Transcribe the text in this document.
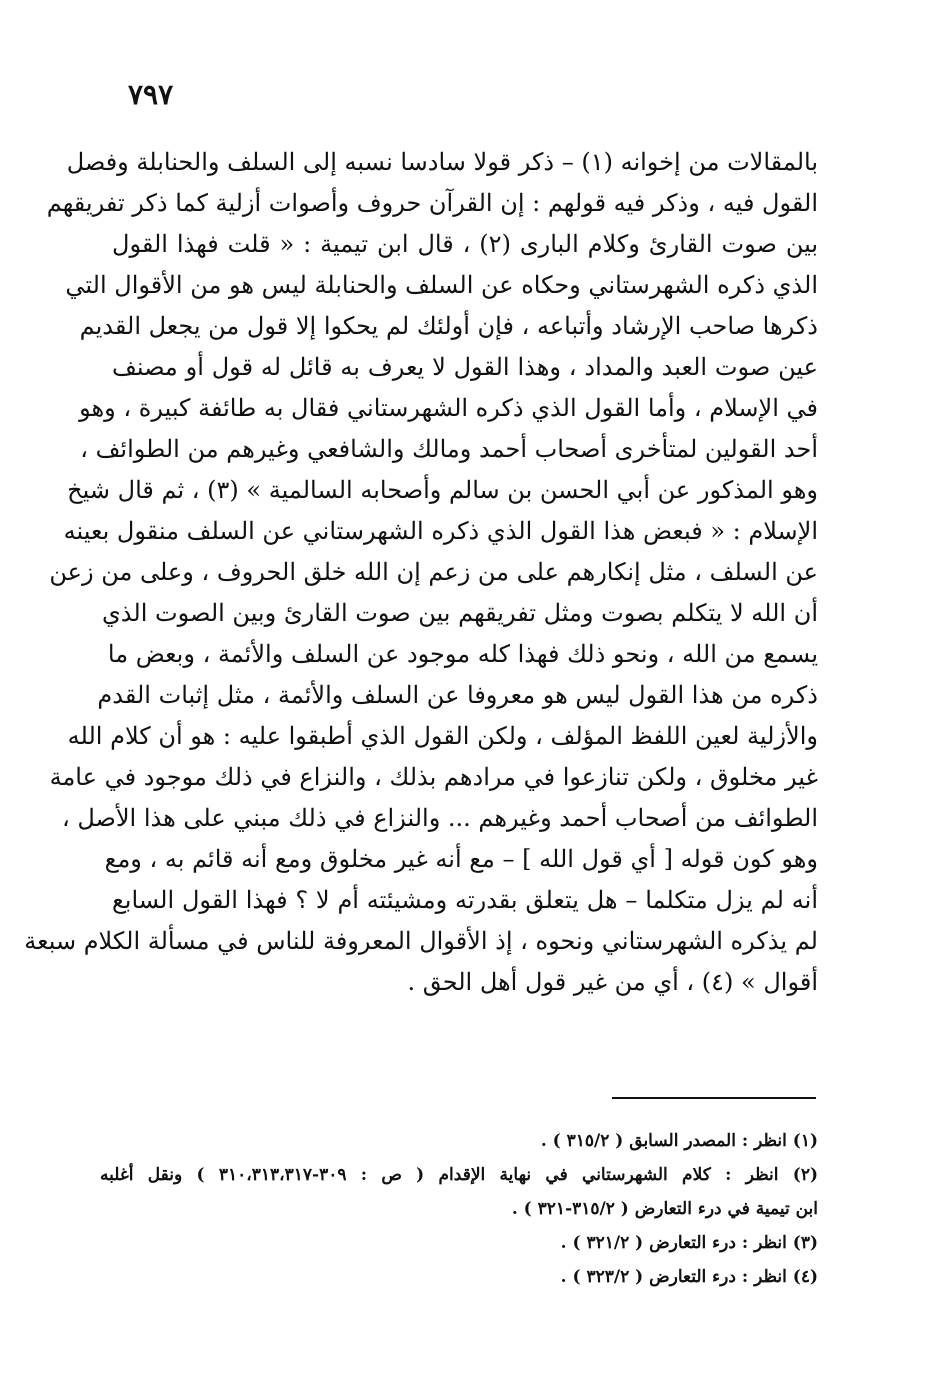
٧٩٧
بالمقالات من إخوانه (١) – ذكر قولا سادسا نسبه إلى السلف والحنابلة وفصل
القول فيه ، وذكر فيه قولهم : إن القرآن حروف وأصوات أزلية كما ذكر تفريقهم
بين صوت القارئ وكلام البارى (٢) ، قال ابن تيمية : « قلت فهذا القول
الذي ذكره الشهرستاني وحكاه عن السلف والحنابلة ليس هو من الأقوال التي
ذكرها صاحب الإرشاد وأتباعه ، فإن أولئك لم يحكوا إلا قول من يجعل القديم
عين صوت العبد والمداد ، وهذا القول لا يعرف به قائل له قول أو مصنف
في الإسلام ، وأما القول الذي ذكره الشهرستاني فقال به طائفة كبيرة ، وهو
أحد القولين لمتأخرى أصحاب أحمد ومالك والشافعي وغيرهم من الطوائف ،
وهو المذكور عن أبي الحسن بن سالم وأصحابه السالمية » (٣) ، ثم قال شيخ
الإسلام : « فبعض هذا القول الذي ذكره الشهرستاني عن السلف منقول بعينه
عن السلف ، مثل إنكارهم على من زعم إن الله خلق الحروف ، وعلى من زعن
أن الله لا يتكلم بصوت ومثل تفريقهم بين صوت القارئ وبين الصوت الذي
يسمع من الله ، ونحو ذلك فهذا كله موجود عن السلف والأئمة ، وبعض ما
ذكره من هذا القول ليس هو معروفا عن السلف والأئمة ، مثل إثبات القدم
والأزلية لعين اللفظ المؤلف ، ولكن القول الذي أطبقوا عليه : هو أن كلام الله
غير مخلوق ، ولكن تنازعوا في مرادهم بذلك ، والنزاع في ذلك موجود في عامة
الطوائف من أصحاب أحمد وغيرهم ... والنزاع في ذلك مبني على هذا الأصل ،
وهو كون قوله [ أي قول الله ] – مع أنه غير مخلوق ومع أنه قائم به ، ومع
أنه لم يزل متكلما – هل يتعلق بقدرته ومشيئته أم لا ؟ فهذا القول السابع
لم يذكره الشهرستاني ونحوه ، إذ الأقوال المعروفة للناس في مسألة الكلام سبعة
أقوال » (٤) ، أي من غير قول أهل الحق .
(١) انظر : المصدر السابق ( ٣١٥/٢ ) .
(٢) انظر : كلام الشهرستاني في نهاية الإقدام ( ص : ٣٠٩-٣١٠،٣١٣،٣١٧ ) ونقل أغلبه
ابن تيمية في درء التعارض ( ٣١٥/٢-٣٢١ ) .
(٣) انظر : درء التعارض ( ٣٢١/٢ ) .
(٤) انظر : درء التعارض ( ٣٢٣/٢ ) .
